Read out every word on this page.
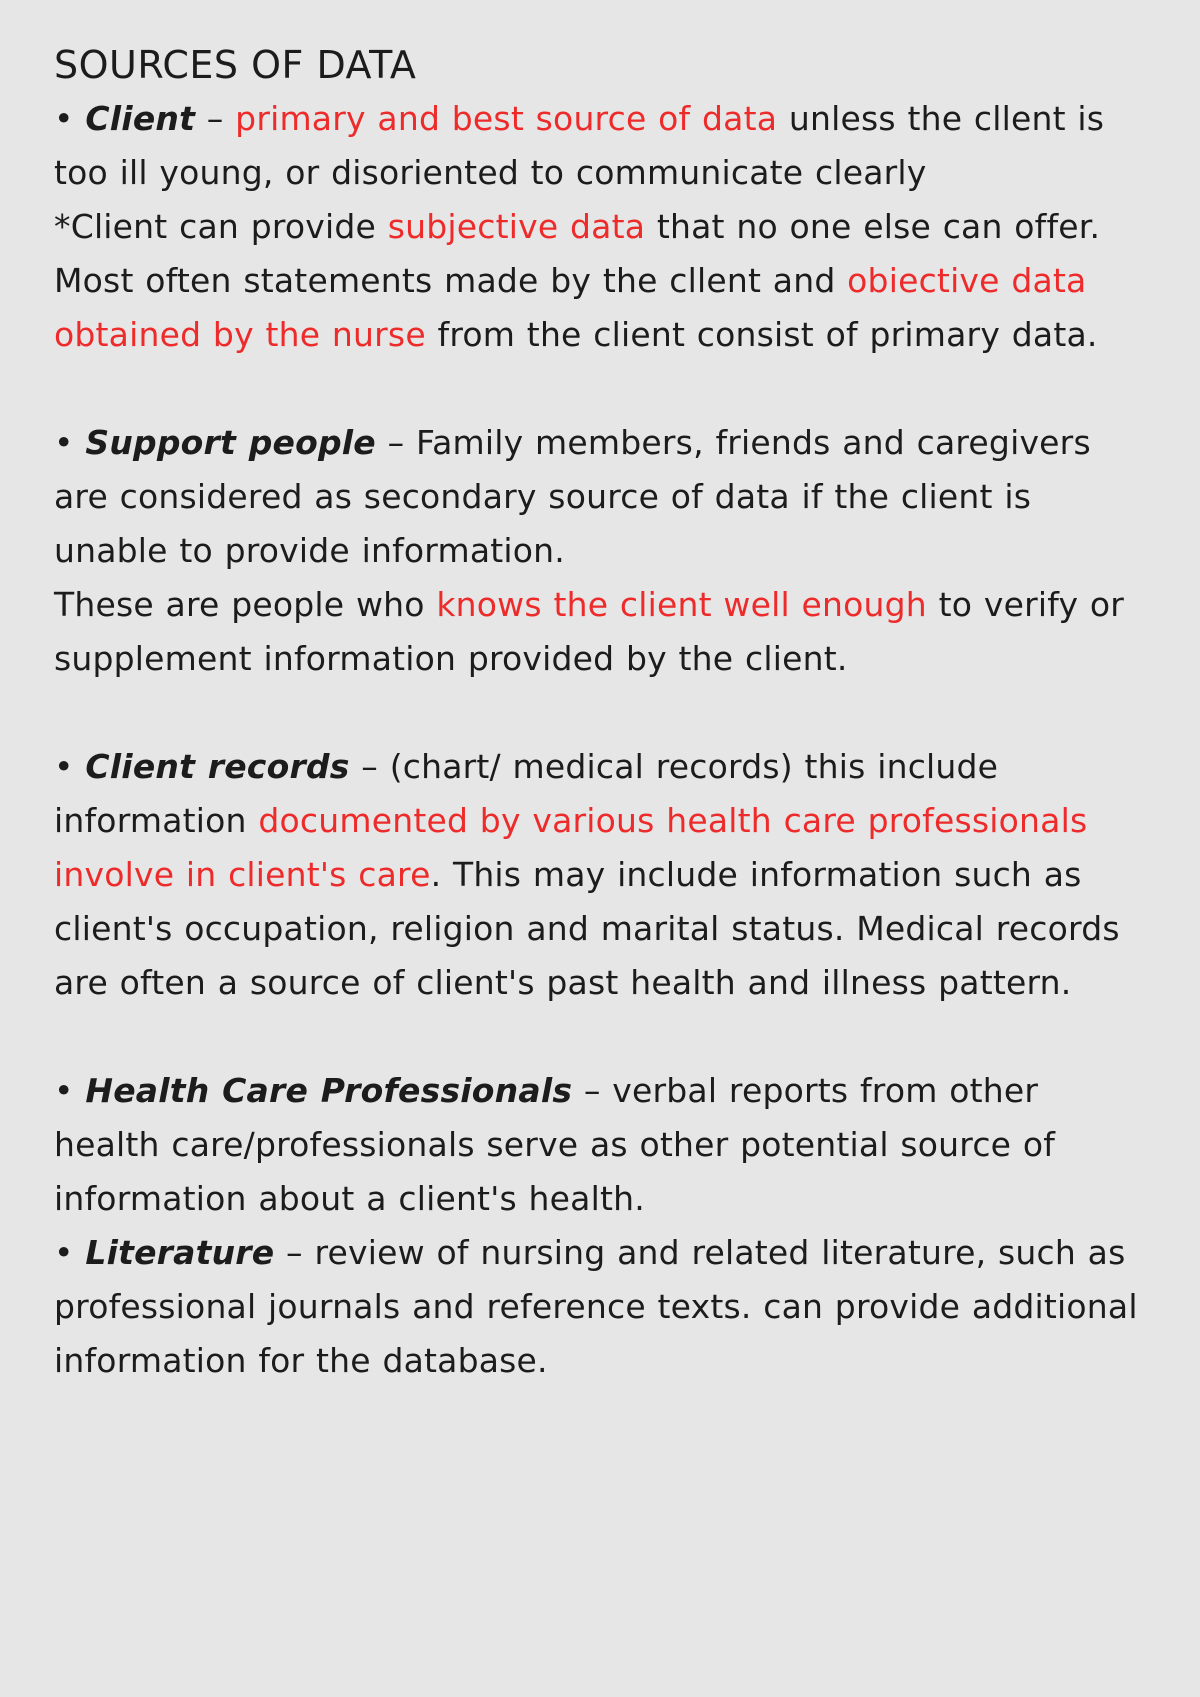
SOURCES OF DATA

• Client – primary and best source of data unless the cllent is too ill young, or disoriented to communicate clearly

*Client can provide subjective data that no one else can offer. Most often statements made by the cllent and obiective data obtained by the nurse from the client consist of primary data.

• Support people – Family members, friends and caregivers are considered as secondary source of data if the client is unable to provide information.

These are people who knows the client well enough to verify or supplement information provided by the client.

• Client records – (chart/ medical records) this include information documented by various health care professionals involve in client's care. This may include information such as client's occupation, religion and marital status. Medical records are often a source of client's past health and illness pattern.

• Health Care Professionals – verbal reports from other health care/professionals serve as other potential source of information about a client's health.

• Literature – review of nursing and related literature, such as professional journals and reference texts. can provide additional information for the database.
